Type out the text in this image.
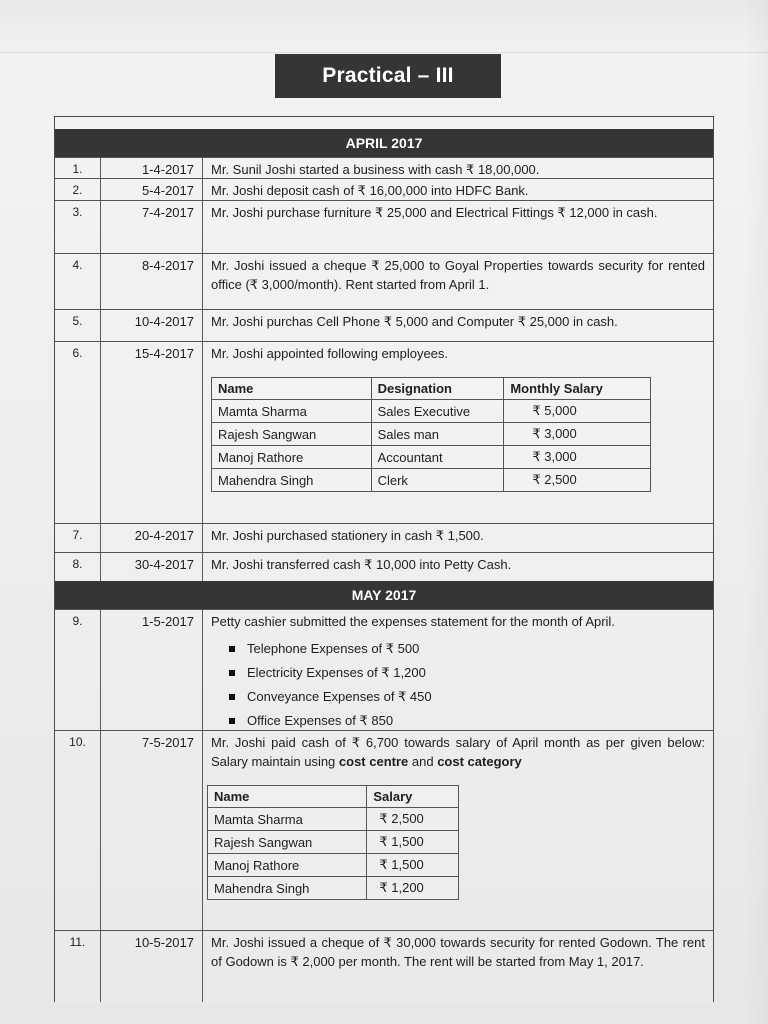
Practical – III
APRIL 2017
1.	1-4-2017	Mr. Sunil Joshi started a business with cash ₹ 18,00,000.
2.	5-4-2017	Mr. Joshi deposit cash of ₹ 16,00,000 into HDFC Bank.
3.	7-4-2017	Mr. Joshi purchase furniture ₹ 25,000 and Electrical Fittings ₹ 12,000 in cash.
4.	8-4-2017	Mr. Joshi issued a cheque ₹ 25,000 to Goyal Properties towards security for rented office (₹ 3,000/month). Rent started from April 1.
5.	10-4-2017	Mr. Joshi purchas Cell Phone ₹ 5,000 and Computer ₹ 25,000 in cash.
6.	15-4-2017	Mr. Joshi appointed following employees.
Name	Designation	Monthly Salary
Mamta Sharma	Sales Executive	₹ 5,000
Rajesh Sangwan	Sales man	₹ 3,000
Manoj Rathore	Accountant	₹ 3,000
Mahendra Singh	Clerk	₹ 2,500
7.	20-4-2017	Mr. Joshi purchased stationery in cash ₹ 1,500.
8.	30-4-2017	Mr. Joshi transferred cash ₹ 10,000 into Petty Cash.
MAY 2017
9.	1-5-2017	Petty cashier submitted the expenses statement for the month of April.
Telephone Expenses of ₹ 500
Electricity Expenses of ₹ 1,200
Conveyance Expenses of ₹ 450
Office Expenses of ₹ 850
10.	7-5-2017	Mr. Joshi paid cash of ₹ 6,700 towards salary of April month as per given below: Salary maintain using cost centre and cost category
Name	Salary
Mamta Sharma	₹ 2,500
Rajesh Sangwan	₹ 1,500
Manoj Rathore	₹ 1,500
Mahendra Singh	₹ 1,200
11.	10-5-2017	Mr. Joshi issued a cheque of ₹ 30,000 towards security for rented Godown. The rent of Godown is ₹ 2,000 per month. The rent will be started from May 1, 2017.
